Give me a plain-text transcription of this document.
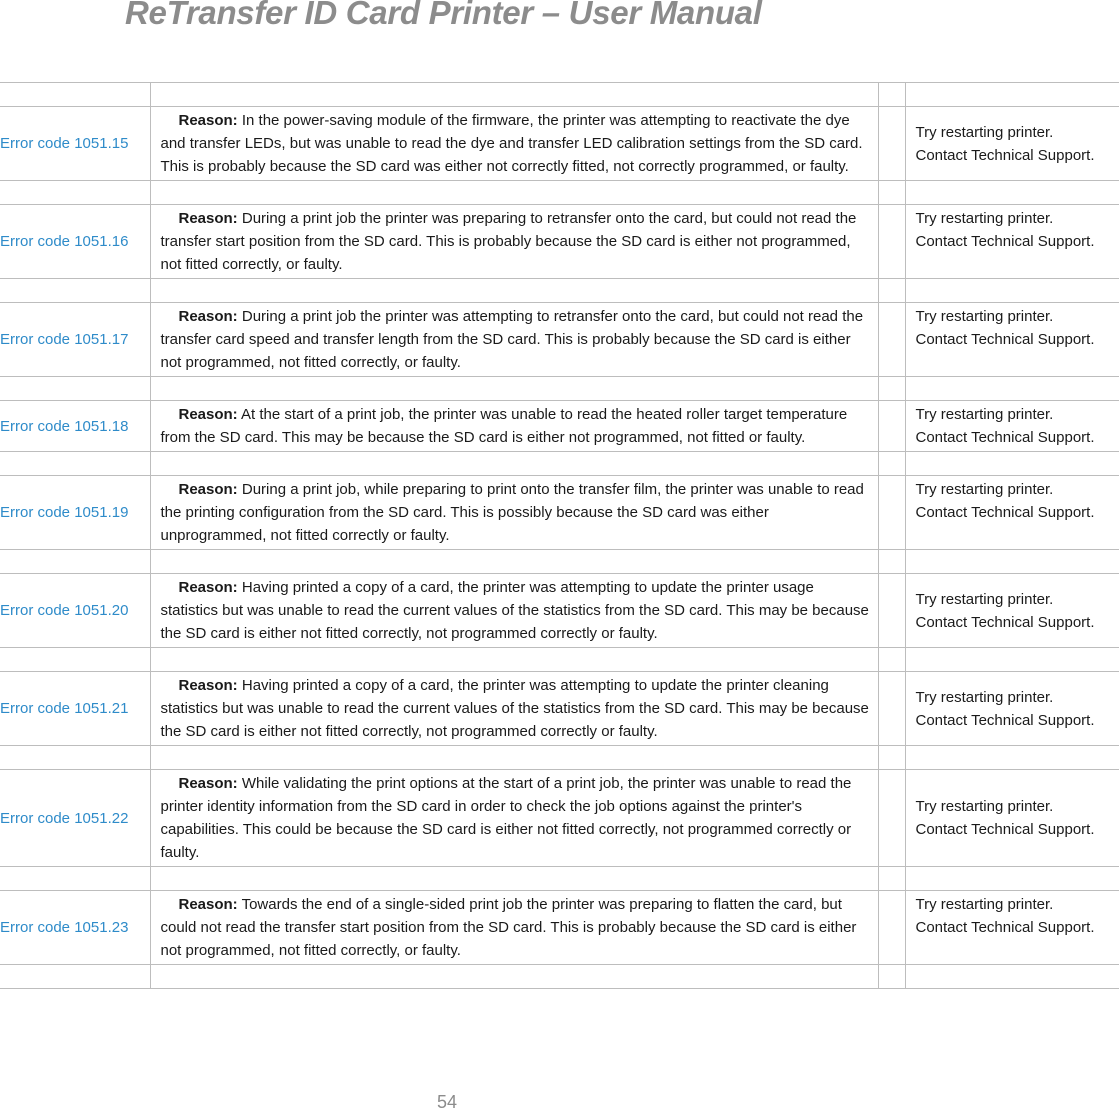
ReTransfer ID Card Printer – User Manual

Error code 1051.15	Reason: In the power-saving module of the firmware, the printer was attempting to reactivate the dye and transfer LEDs, but was unable to read the dye and transfer LED calibration settings from the SD card. This is probably because the SD card was either not correctly fitted, not correctly programmed, or faulty.		Try restarting printer.
Contact Technical Support.

Error code 1051.16	Reason: During a print job the printer was preparing to retransfer onto the card, but could not read the transfer start position from the SD card. This is probably because the SD card is either not programmed, not fitted correctly, or faulty.		Try restarting printer.
Contact Technical Support.

Error code 1051.17	Reason: During a print job the printer was attempting to retransfer onto the card, but could not read the transfer card speed and transfer length from the SD card. This is probably because the SD card is either not programmed, not fitted correctly, or faulty.		Try restarting printer.
Contact Technical Support.

Error code 1051.18	Reason: At the start of a print job, the printer was unable to read the heated roller target temperature from the SD card. This may be because the SD card is either not programmed, not fitted or faulty.		Try restarting printer.
Contact Technical Support.

Error code 1051.19	Reason: During a print job, while preparing to print onto the transfer film, the printer was unable to read the printing configuration from the SD card. This is possibly because the SD card was either unprogrammed, not fitted correctly or faulty.		Try restarting printer.
Contact Technical Support.

Error code 1051.20	Reason: Having printed a copy of a card, the printer was attempting to update the printer usage statistics but was unable to read the current values of the statistics from the SD card. This may be because the SD card is either not fitted correctly, not programmed correctly or faulty.		Try restarting printer.
Contact Technical Support.

Error code 1051.21	Reason: Having printed a copy of a card, the printer was attempting to update the printer cleaning statistics but was unable to read the current values of the statistics from the SD card. This may be because the SD card is either not fitted correctly, not programmed correctly or faulty.		Try restarting printer.
Contact Technical Support.

Error code 1051.22	Reason: While validating the print options at the start of a print job, the printer was unable to read the printer identity information from the SD card in order to check the job options against the printer's capabilities. This could be because the SD card is either not fitted correctly, not programmed correctly or faulty.		Try restarting printer.
Contact Technical Support.

Error code 1051.23	Reason: Towards the end of a single-sided print job the printer was preparing to flatten the card, but could not read the transfer start position from the SD card. This is probably because the SD card is either not programmed, not fitted correctly, or faulty.		Try restarting printer.
Contact Technical Support.

54
